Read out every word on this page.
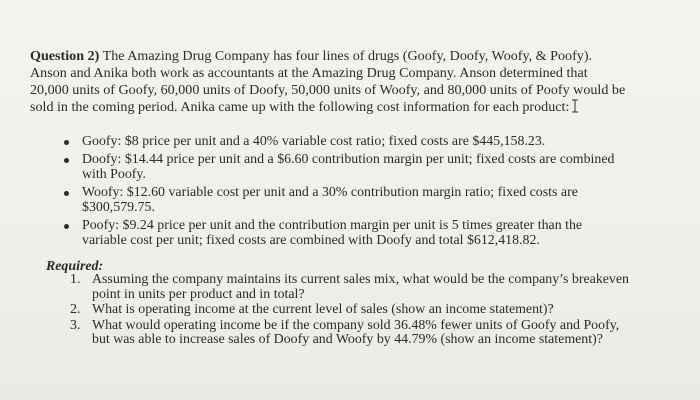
Question 2) The Amazing Drug Company has four lines of drugs (Goofy, Doofy, Woofy, & Poofy).
Anson and Anika both work as accountants at the Amazing Drug Company. Anson determined that
20,000 units of Goofy, 60,000 units of Doofy, 50,000 units of Woofy, and 80,000 units of Poofy would be
sold in the coming period. Anika came up with the following cost information for each product:
Goofy: $8 price per unit and a 40% variable cost ratio; fixed costs are $445,158.23.
Doofy: $14.44 price per unit and a $6.60 contribution margin per unit; fixed costs are combined
with Poofy.
Woofy: $12.60 variable cost per unit and a 30% contribution margin ratio; fixed costs are
$300,579.75.
Poofy: $9.24 price per unit and the contribution margin per unit is 5 times greater than the
variable cost per unit; fixed costs are combined with Doofy and total $612,418.82.
Required:
1. Assuming the company maintains its current sales mix, what would be the company’s breakeven
point in units per product and in total?
2. What is operating income at the current level of sales (show an income statement)?
3. What would operating income be if the company sold 36.48% fewer units of Goofy and Poofy,
but was able to increase sales of Doofy and Woofy by 44.79% (show an income statement)?
